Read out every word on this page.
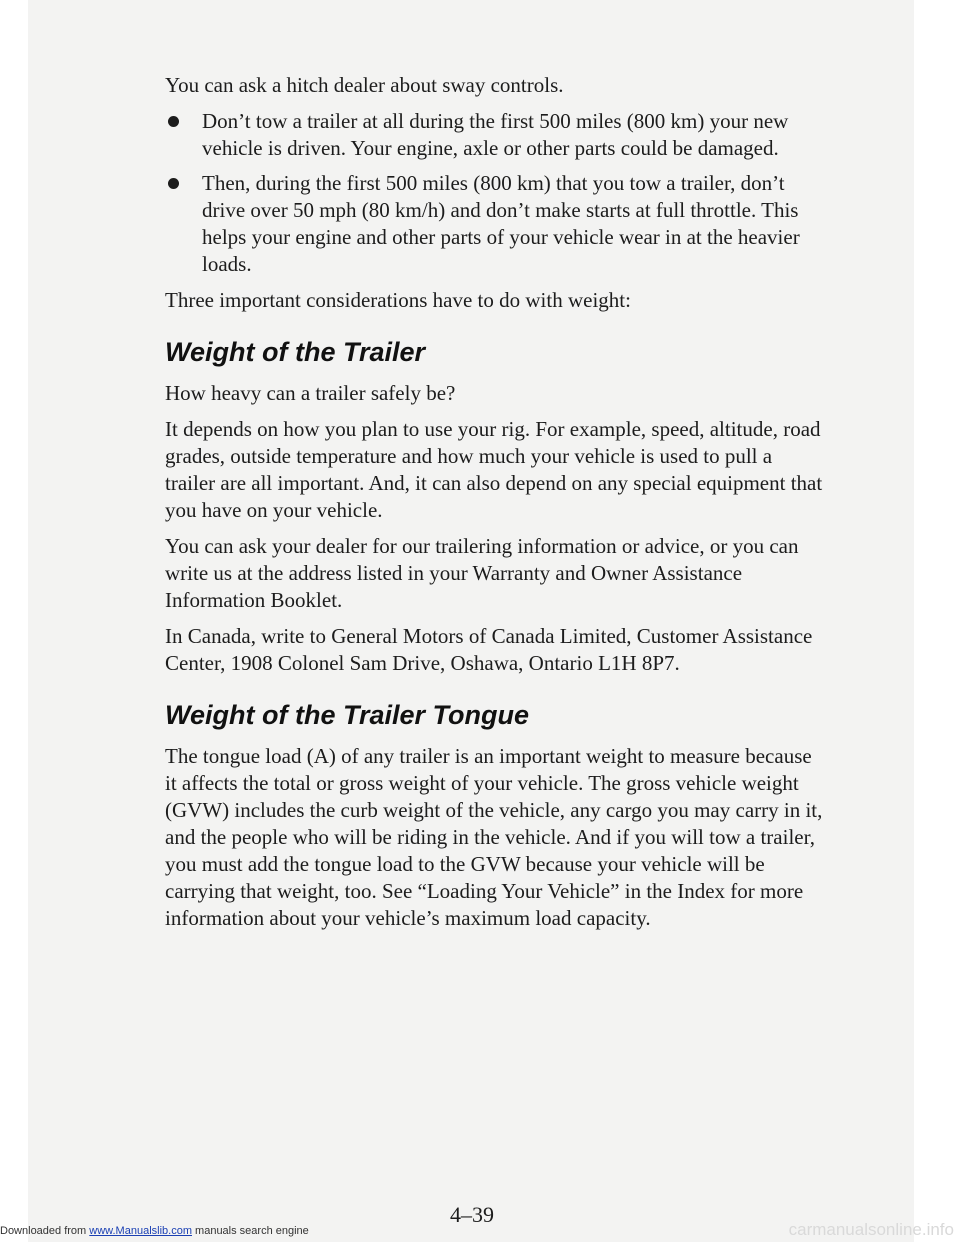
You can ask a hitch dealer about sway controls.

Don’t tow a trailer at all during the first 500 miles (800 km) your new vehicle is driven. Your engine, axle or other parts could be damaged.
Then, during the first 500 miles (800 km) that you tow a trailer, don’t drive over 50 mph (80 km/h) and don’t make starts at full throttle. This helps your engine and other parts of your vehicle wear in at the heavier loads.

Three important considerations have to do with weight:

Weight of the Trailer

How heavy can a trailer safely be?

It depends on how you plan to use your rig. For example, speed, altitude, road grades, outside temperature and how much your vehicle is used to pull a trailer are all important. And, it can also depend on any special equipment that you have on your vehicle.

You can ask your dealer for our trailering information or advice, or you can write us at the address listed in your Warranty and Owner Assistance Information Booklet.

In Canada, write to General Motors of Canada Limited, Customer Assistance Center, 1908 Colonel Sam Drive, Oshawa, Ontario L1H 8P7.

Weight of the Trailer Tongue

The tongue load (A) of any trailer is an important weight to measure because it affects the total or gross weight of your vehicle. The gross vehicle weight (GVW) includes the curb weight of the vehicle, any cargo you may carry in it, and the people who will be riding in the vehicle. And if you will tow a trailer, you must add the tongue load to the GVW because your vehicle will be carrying that weight, too. See “Loading Your Vehicle” in the Index for more information about your vehicle’s maximum load capacity.

4–39
Downloaded from www.Manualslib.com manuals search engine	carmanualsonline.info
